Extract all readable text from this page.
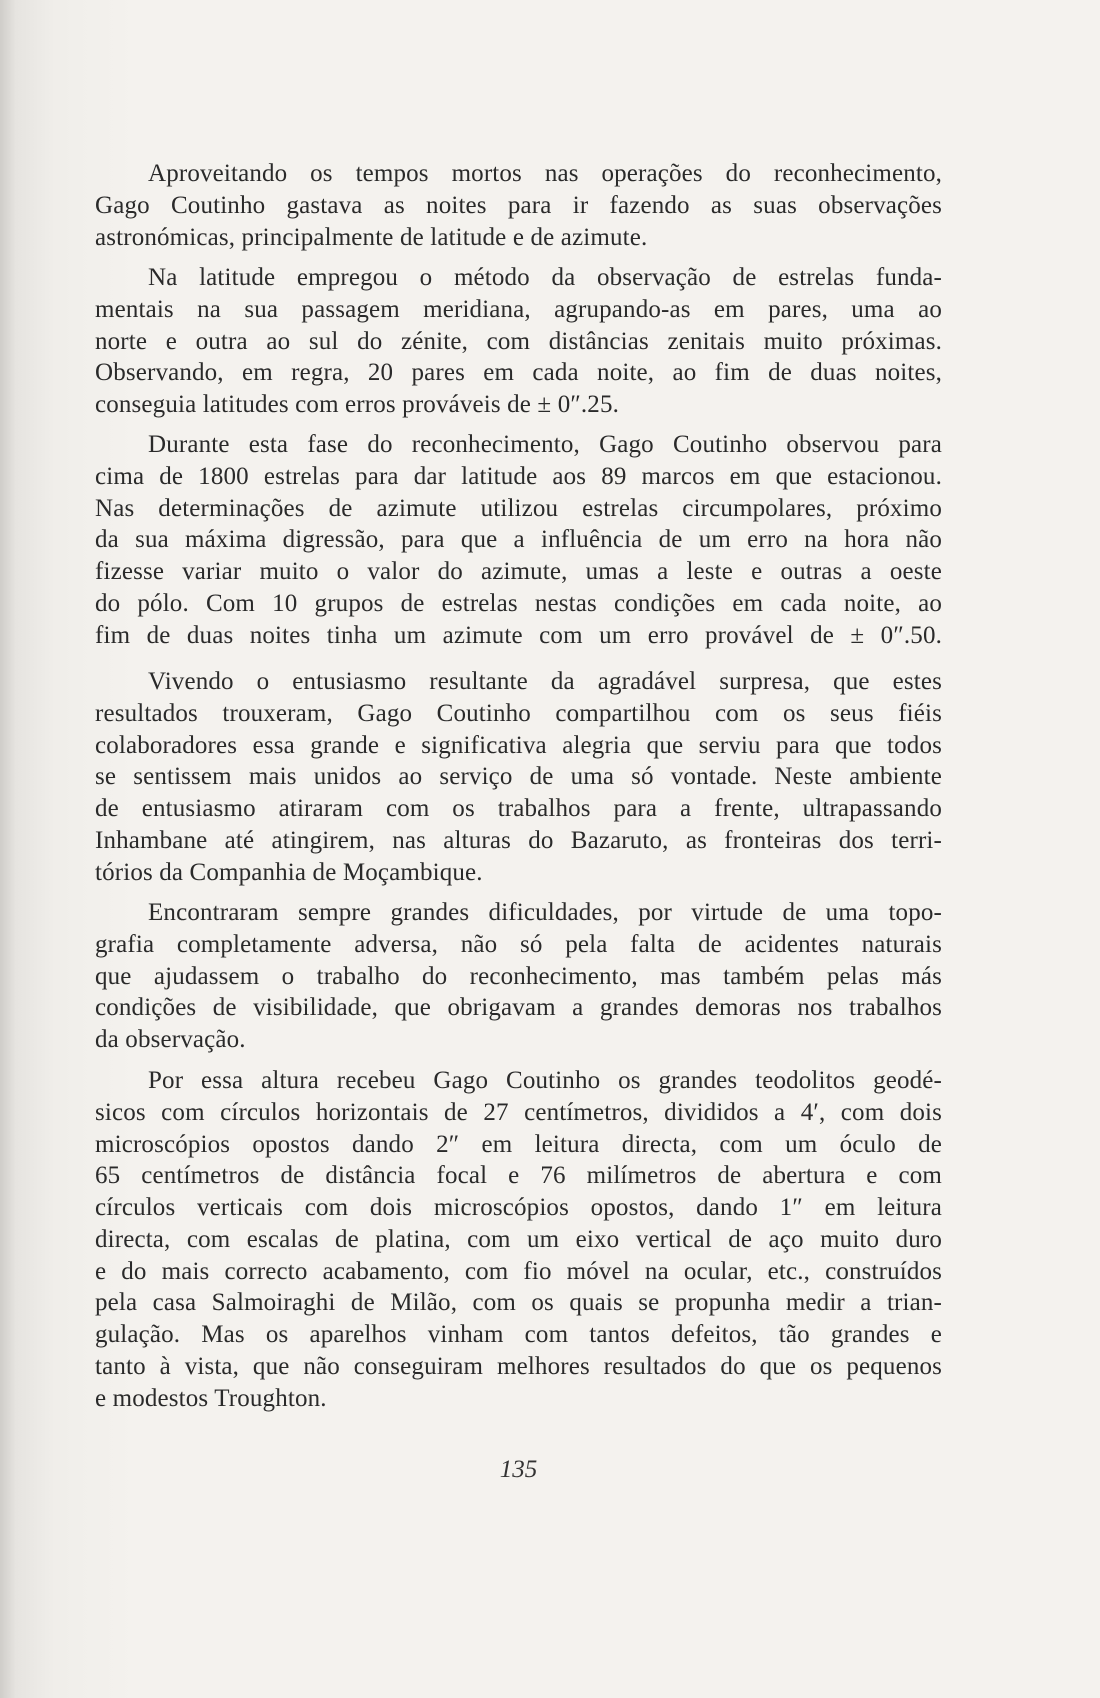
Aproveitando os tempos mortos nas operações do reconhecimento,
Gago Coutinho gastava as noites para ir fazendo as suas observações
astronómicas, principalmente de latitude e de azimute.
Na latitude empregou o método da observação de estrelas funda-
mentais na sua passagem meridiana, agrupando-as em pares, uma ao
norte e outra ao sul do zénite, com distâncias zenitais muito próximas.
Observando, em regra, 20 pares em cada noite, ao fim de duas noites,
conseguia latitudes com erros prováveis de ± 0″.25.
Durante esta fase do reconhecimento, Gago Coutinho observou para
cima de 1800 estrelas para dar latitude aos 89 marcos em que estacionou.
Nas determinações de azimute utilizou estrelas circumpolares, próximo
da sua máxima digressão, para que a influência de um erro na hora não
fizesse variar muito o valor do azimute, umas a leste e outras a oeste
do pólo. Com 10 grupos de estrelas nestas condições em cada noite, ao
fim de duas noites tinha um azimute com um erro provável de ± 0″.50.
Vivendo o entusiasmo resultante da agradável surpresa, que estes
resultados trouxeram, Gago Coutinho compartilhou com os seus fiéis
colaboradores essa grande e significativa alegria que serviu para que todos
se sentissem mais unidos ao serviço de uma só vontade. Neste ambiente
de entusiasmo atiraram com os trabalhos para a frente, ultrapassando
Inhambane até atingirem, nas alturas do Bazaruto, as fronteiras dos terri-
tórios da Companhia de Moçambique.
Encontraram sempre grandes dificuldades, por virtude de uma topo-
grafia completamente adversa, não só pela falta de acidentes naturais
que ajudassem o trabalho do reconhecimento, mas também pelas más
condições de visibilidade, que obrigavam a grandes demoras nos trabalhos
da observação.
Por essa altura recebeu Gago Coutinho os grandes teodolitos geodé-
sicos com círculos horizontais de 27 centímetros, divididos a 4′, com dois
microscópios opostos dando 2″ em leitura directa, com um óculo de
65 centímetros de distância focal e 76 milímetros de abertura e com
círculos verticais com dois microscópios opostos, dando 1″ em leitura
directa, com escalas de platina, com um eixo vertical de aço muito duro
e do mais correcto acabamento, com fio móvel na ocular, etc., construídos
pela casa Salmoiraghi de Milão, com os quais se propunha medir a trian-
gulação. Mas os aparelhos vinham com tantos defeitos, tão grandes e
tanto à vista, que não conseguiram melhores resultados do que os pequenos
e modestos Troughton.
135
